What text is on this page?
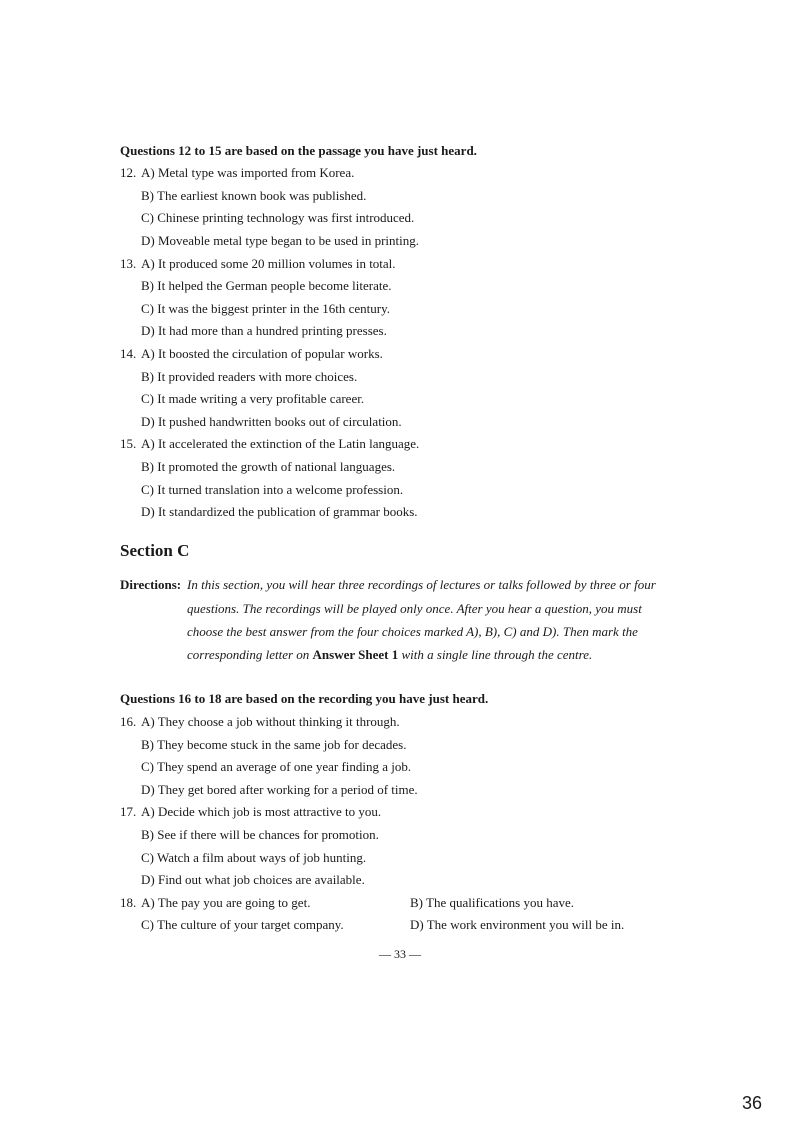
Questions 12 to 15 are based on the passage you have just heard.
12. A) Metal type was imported from Korea.
B) The earliest known book was published.
C) Chinese printing technology was first introduced.
D) Moveable metal type began to be used in printing.
13. A) It produced some 20 million volumes in total.
B) It helped the German people become literate.
C) It was the biggest printer in the 16th century.
D) It had more than a hundred printing presses.
14. A) It boosted the circulation of popular works.
B) It provided readers with more choices.
C) It made writing a very profitable career.
D) It pushed handwritten books out of circulation.
15. A) It accelerated the extinction of the Latin language.
B) It promoted the growth of national languages.
C) It turned translation into a welcome profession.
D) It standardized the publication of grammar books.
Section C
Directions: In this section, you will hear three recordings of lectures or talks followed by three or four
questions. The recordings will be played only once. After you hear a question, you must
choose the best answer from the four choices marked A), B), C) and D). Then mark the
corresponding letter on Answer Sheet 1 with a single line through the centre.
Questions 16 to 18 are based on the recording you have just heard.
16. A) They choose a job without thinking it through.
B) They become stuck in the same job for decades.
C) They spend an average of one year finding a job.
D) They get bored after working for a period of time.
17. A) Decide which job is most attractive to you.
B) See if there will be chances for promotion.
C) Watch a film about ways of job hunting.
D) Find out what job choices are available.
18. A) The pay you are going to get.	B) The qualifications you have.
C) The culture of your target company.	D) The work environment you will be in.
— 33 —
36
